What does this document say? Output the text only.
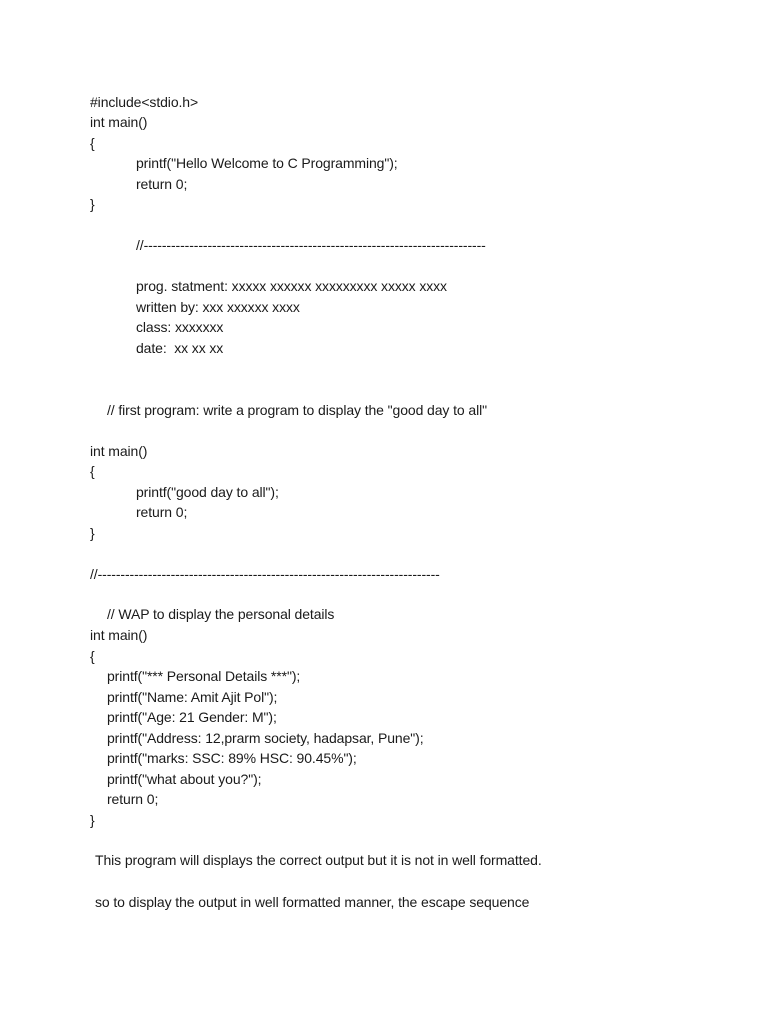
#include<stdio.h>
int main()
{
printf("Hello Welcome to C Programming");
return 0;
}
//---------------------------------------------------------------------------
prog. statment: xxxxx xxxxxx xxxxxxxxx xxxxx xxxx
written by: xxx xxxxxx xxxx
class: xxxxxxx
date:  xx xx xx
// first program: write a program to display the "good day to all"
int main()
{
printf("good day to all");
return 0;
}
//---------------------------------------------------------------------------
// WAP to display the personal details
int main()
{
printf("*** Personal Details ***");
printf("Name: Amit Ajit Pol");
printf("Age: 21 Gender: M");
printf("Address: 12,prarm society, hadapsar, Pune");
printf("marks: SSC: 89% HSC: 90.45%");
printf("what about you?");
return 0;
}
This program will displays the correct output but it is not in well formatted.
so to display the output in well formatted manner, the escape sequence
